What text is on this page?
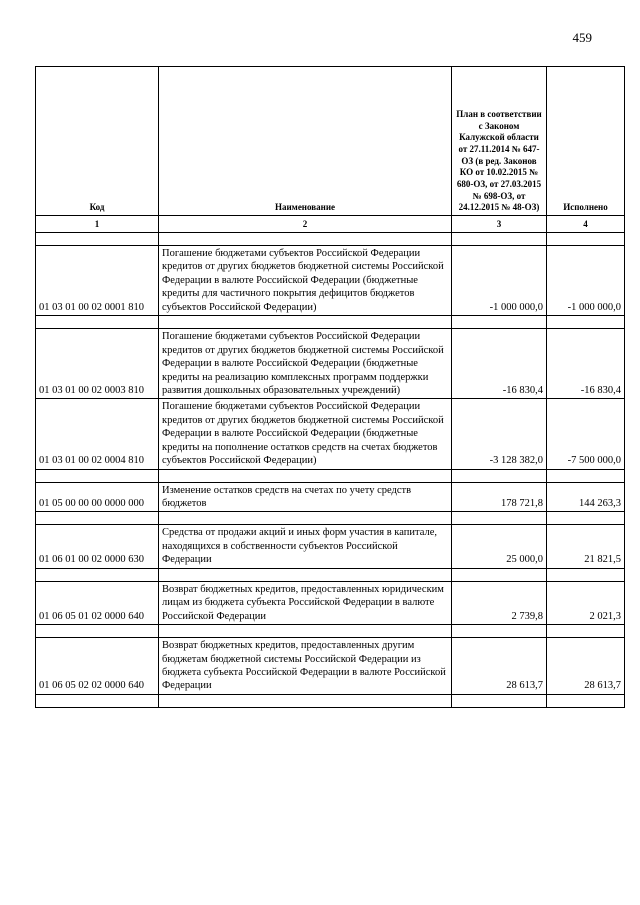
459
Код	Наименование	План в соответствии с Законом Калужской области от 27.11.2014 № 647-ОЗ (в ред. Законов КО от 10.02.2015 № 680-ОЗ, от 27.03.2015 № 698-ОЗ, от 24.12.2015 № 48-ОЗ)	Исполнено
1	2	3	4

01 03 01 00 02 0001 810	Погашение бюджетами субъектов Российской Федерации кредитов от других бюджетов бюджетной системы Российской Федерации в валюте Российской Федерации (бюджетные кредиты для частичного покрытия дефицитов бюджетов субъектов Российской Федерации)	-1 000 000,0	-1 000 000,0

01 03 01 00 02 0003 810	Погашение бюджетами субъектов Российской Федерации кредитов от других бюджетов бюджетной системы Российской Федерации в валюте Российской Федерации (бюджетные кредиты на реализацию комплексных программ поддержки развития дошкольных образовательных учреждений)	-16 830,4	-16 830,4
01 03 01 00 02 0004 810	Погашение бюджетами субъектов Российской Федерации кредитов от других бюджетов бюджетной системы Российской Федерации в валюте Российской Федерации (бюджетные кредиты на пополнение остатков средств на счетах бюджетов субъектов Российской Федерации)	-3 128 382,0	-7 500 000,0

01 05 00 00 00 0000 000	Изменение остатков средств на счетах по учету средств бюджетов	178 721,8	144 263,3

01 06 01 00 02 0000 630	Средства от продажи акций и иных форм участия в капитале, находящихся в собственности субъектов Российской Федерации	25 000,0	21 821,5

01 06 05 01 02 0000 640	Возврат бюджетных кредитов, предоставленных юридическим лицам из бюджета субъекта Российской Федерации в валюте Российской Федерации	2 739,8	2 021,3

01 06 05 02 02 0000 640	Возврат бюджетных кредитов, предоставленных другим бюджетам бюджетной системы Российской Федерации из бюджета субъекта Российской Федерации в валюте Российской Федерации	28 613,7	28 613,7
